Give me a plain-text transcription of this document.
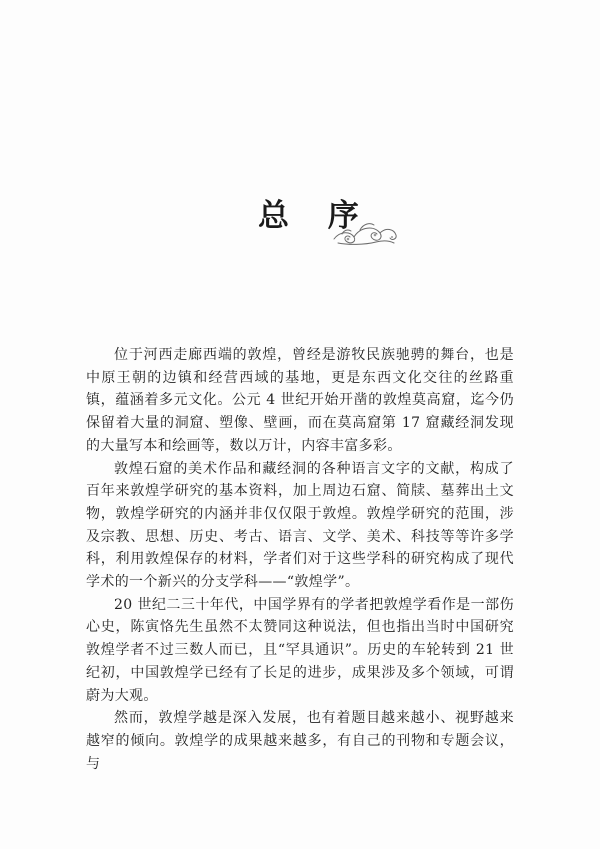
总 序

位于河西走廊西端的敦煌，曾经是游牧民族驰骋的舞台，也是中原王朝的边镇和经营西域的基地，更是东西文化交往的丝路重镇，蕴涵着多元文化。公元 4 世纪开始开凿的敦煌莫高窟，迄今仍保留着大量的洞窟、塑像、壁画，而在莫高窟第 17 窟藏经洞发现的大量写本和绘画等，数以万计，内容丰富多彩。

敦煌石窟的美术作品和藏经洞的各种语言文字的文献，构成了百年来敦煌学研究的基本资料，加上周边石窟、简牍、墓葬出土文物，敦煌学研究的内涵并非仅仅限于敦煌。敦煌学研究的范围，涉及宗教、思想、历史、考古、语言、文学、美术、科技等等许多学科，利用敦煌保存的材料，学者们对于这些学科的研究构成了现代学术的一个新兴的分支学科——“敦煌学”。

20 世纪二三十年代，中国学界有的学者把敦煌学看作是一部伤心史，陈寅恪先生虽然不太赞同这种说法，但也指出当时中国研究敦煌学者不过三数人而已，且“罕具通识”。历史的车轮转到 21 世纪初，中国敦煌学已经有了长足的进步，成果涉及多个领域，可谓蔚为大观。

然而，敦煌学越是深入发展，也有着题目越来越小、视野越来越窄的倾向。敦煌学的成果越来越多，有自己的刊物和专题会议，与
